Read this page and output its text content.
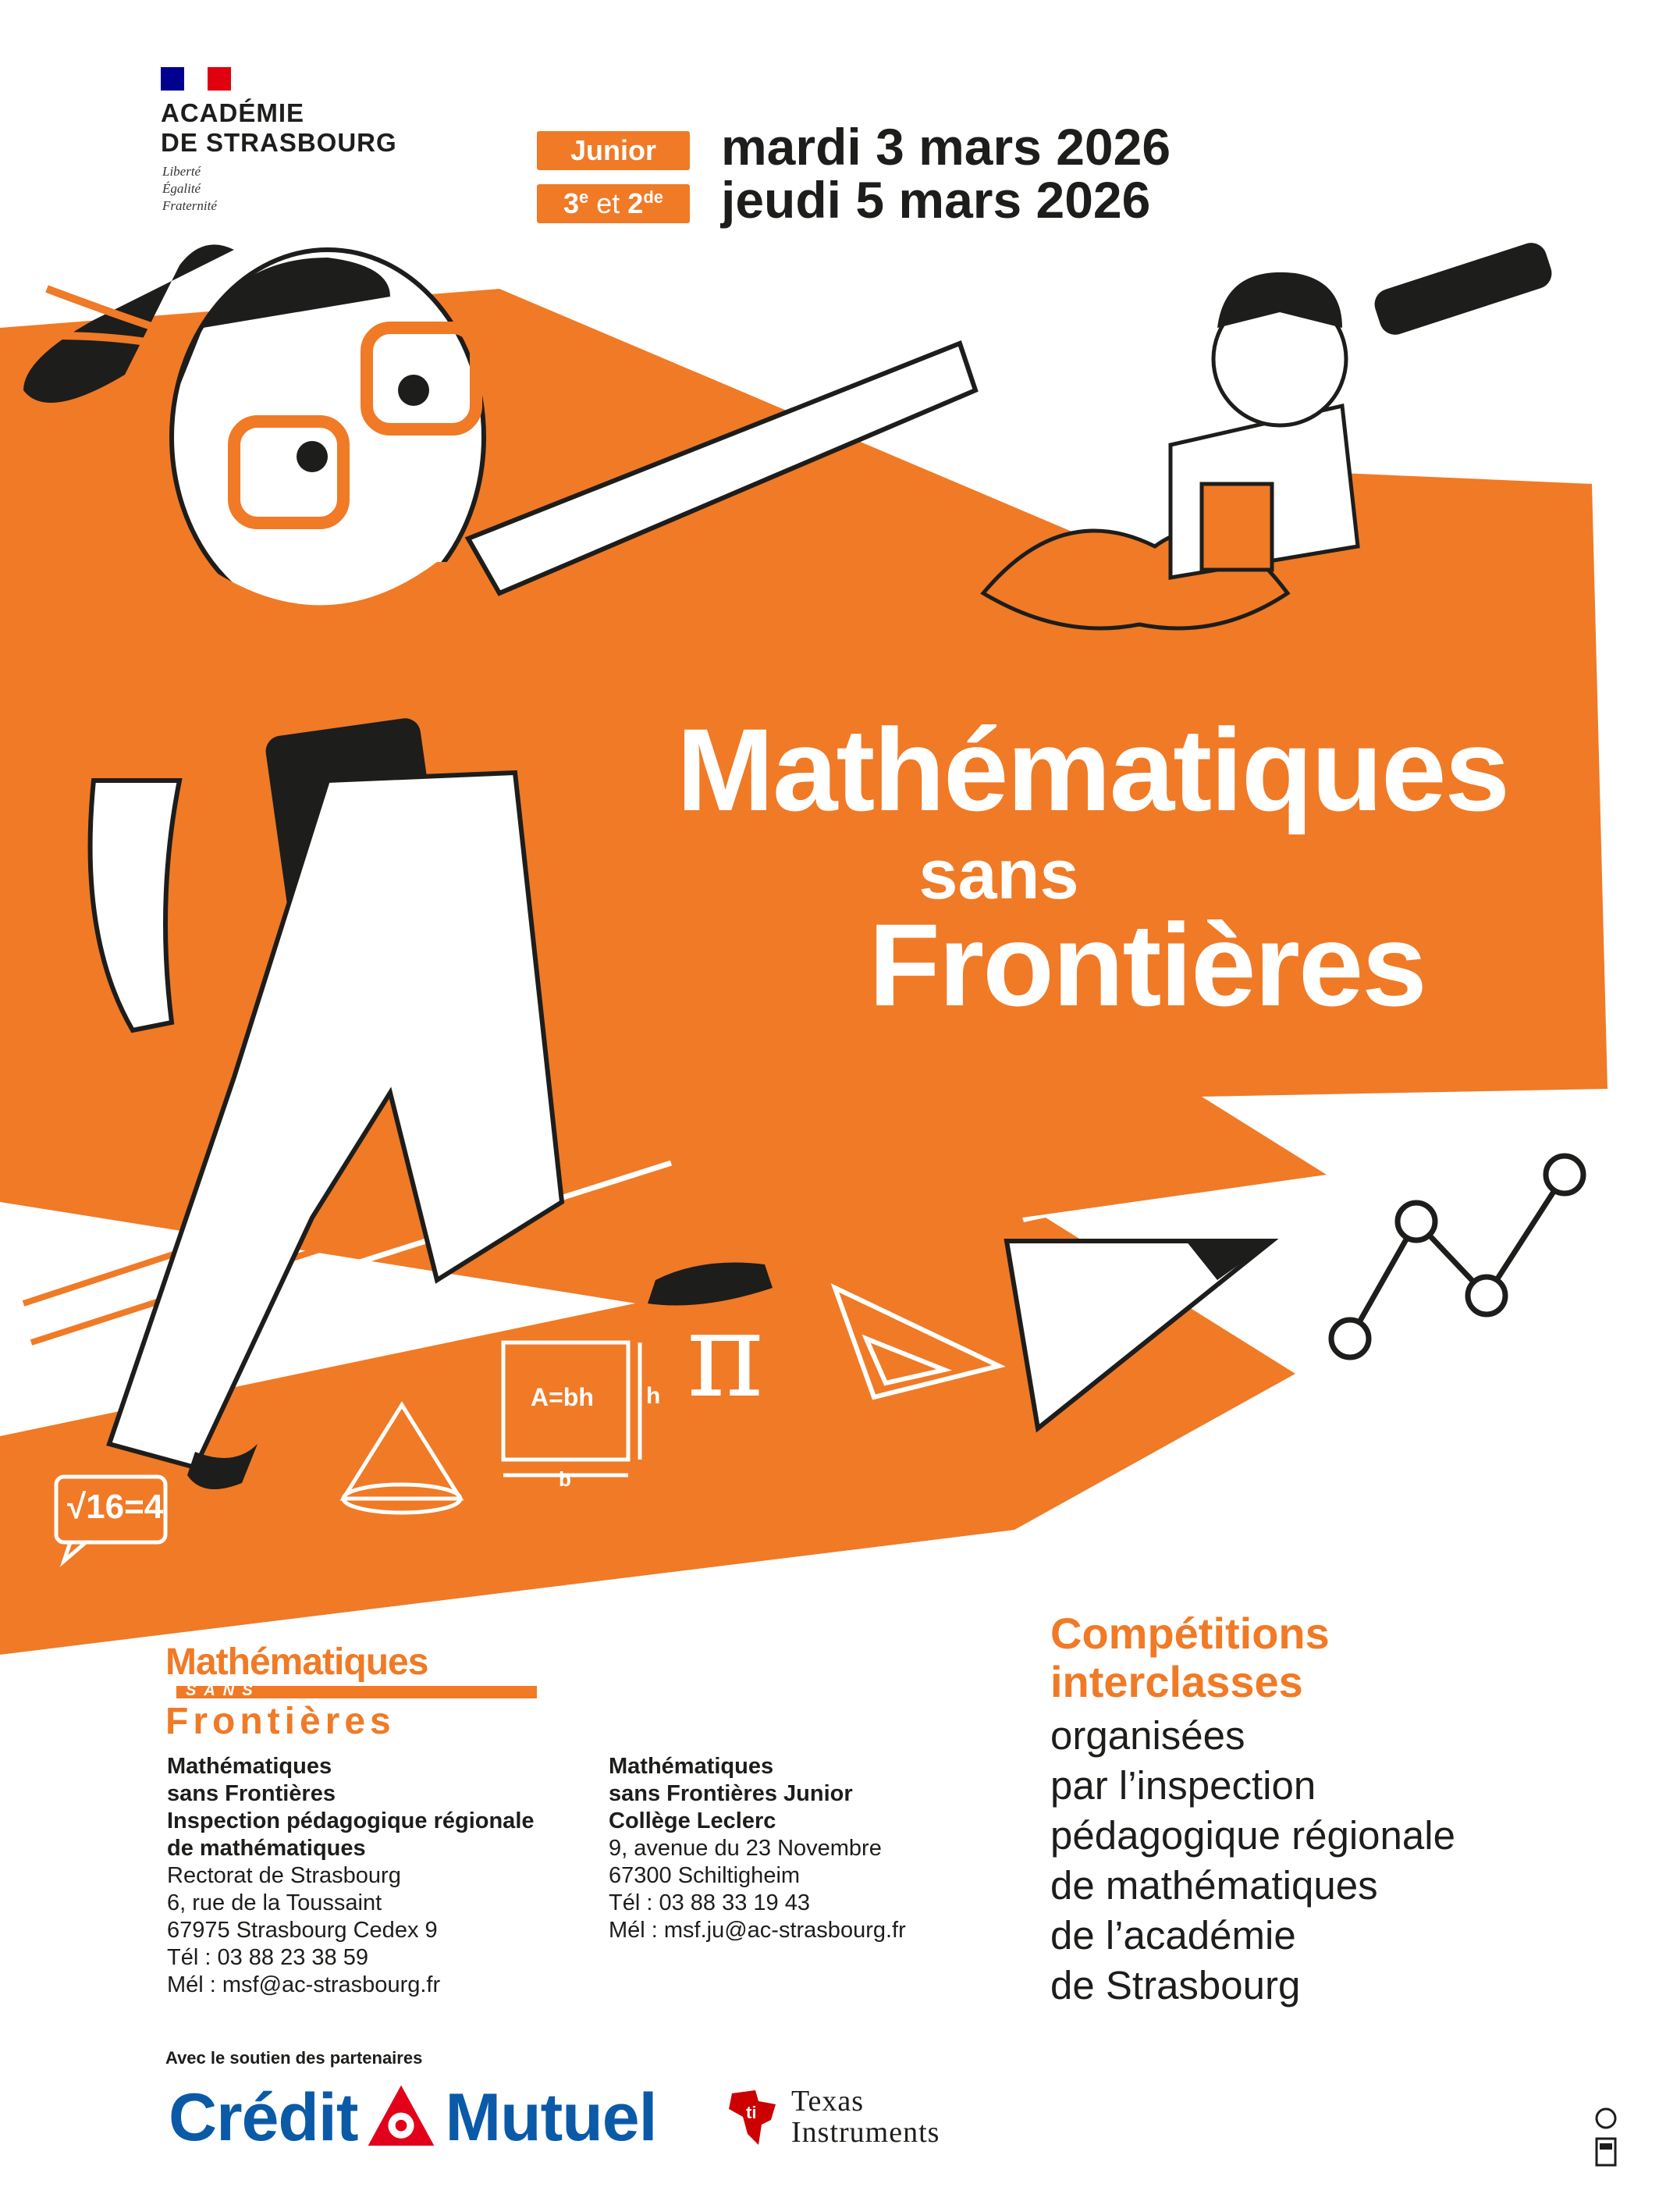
ACADÉMIE
DE STRASBOURG
Liberté
Égalité
Fraternité
Junior	mardi 3 mars 2026
3e et 2de	jeudi 5 mars 2026
Mathématiques
sans
Frontières
√16=4
A=bh h
b
π
Mathématiques
SANS
Frontières
Mathématiques
sans Frontières
Inspection pédagogique régionale
de mathématiques
Rectorat de Strasbourg
6, rue de la Toussaint
67975 Strasbourg Cedex 9
Tél : 03 88 23 38 59
Mél : msf@ac-strasbourg.fr
Mathématiques
sans Frontières Junior
Collège Leclerc
9, avenue du 23 Novembre
67300 Schiltigheim
Tél : 03 88 33 19 43
Mél : msf.ju@ac-strasbourg.fr
Compétitions
interclasses
organisées
par l’inspection
pédagogique régionale
de mathématiques
de l’académie
de Strasbourg
Avec le soutien des partenaires
Crédit Mutuel	ti Texas
Instruments
